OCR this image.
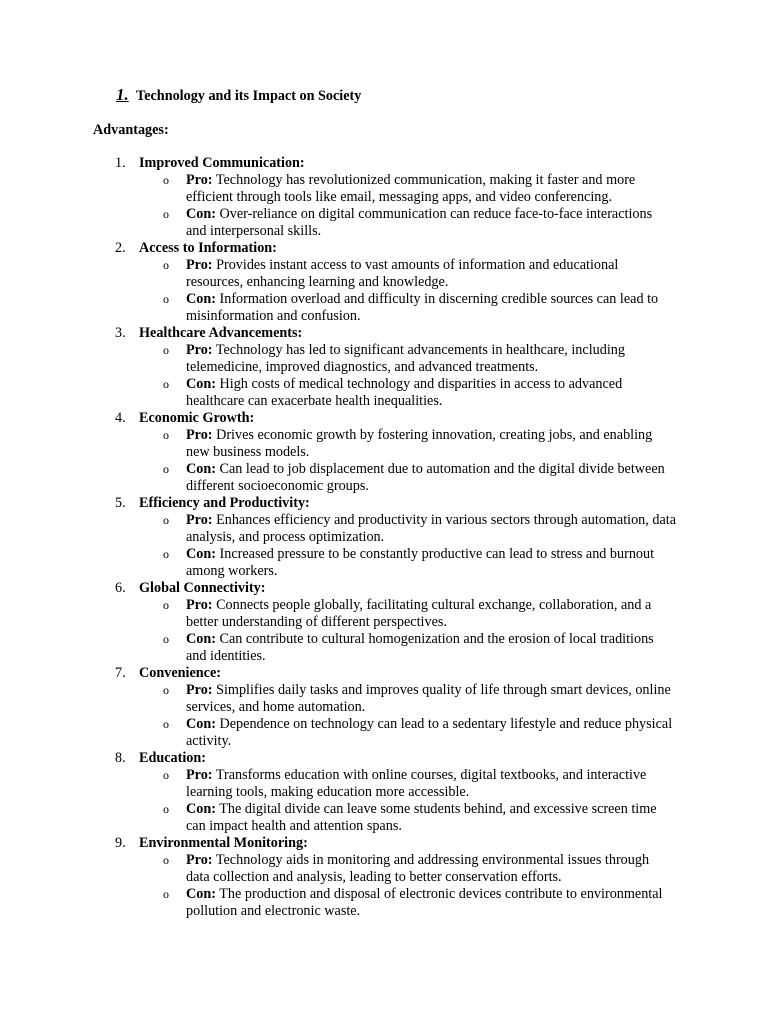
1. Technology and its Impact on Society
Advantages:
1. Improved Communication:
o Pro: Technology has revolutionized communication, making it faster and more efficient through tools like email, messaging apps, and video conferencing.
o Con: Over-reliance on digital communication can reduce face-to-face interactions and interpersonal skills.
2. Access to Information:
o Pro: Provides instant access to vast amounts of information and educational resources, enhancing learning and knowledge.
o Con: Information overload and difficulty in discerning credible sources can lead to misinformation and confusion.
3. Healthcare Advancements:
o Pro: Technology has led to significant advancements in healthcare, including telemedicine, improved diagnostics, and advanced treatments.
o Con: High costs of medical technology and disparities in access to advanced healthcare can exacerbate health inequalities.
4. Economic Growth:
o Pro: Drives economic growth by fostering innovation, creating jobs, and enabling new business models.
o Con: Can lead to job displacement due to automation and the digital divide between different socioeconomic groups.
5. Efficiency and Productivity:
o Pro: Enhances efficiency and productivity in various sectors through automation, data analysis, and process optimization.
o Con: Increased pressure to be constantly productive can lead to stress and burnout among workers.
6. Global Connectivity:
o Pro: Connects people globally, facilitating cultural exchange, collaboration, and a better understanding of different perspectives.
o Con: Can contribute to cultural homogenization and the erosion of local traditions and identities.
7. Convenience:
o Pro: Simplifies daily tasks and improves quality of life through smart devices, online services, and home automation.
o Con: Dependence on technology can lead to a sedentary lifestyle and reduce physical activity.
8. Education:
o Pro: Transforms education with online courses, digital textbooks, and interactive learning tools, making education more accessible.
o Con: The digital divide can leave some students behind, and excessive screen time can impact health and attention spans.
9. Environmental Monitoring:
o Pro: Technology aids in monitoring and addressing environmental issues through data collection and analysis, leading to better conservation efforts.
o Con: The production and disposal of electronic devices contribute to environmental pollution and electronic waste.
